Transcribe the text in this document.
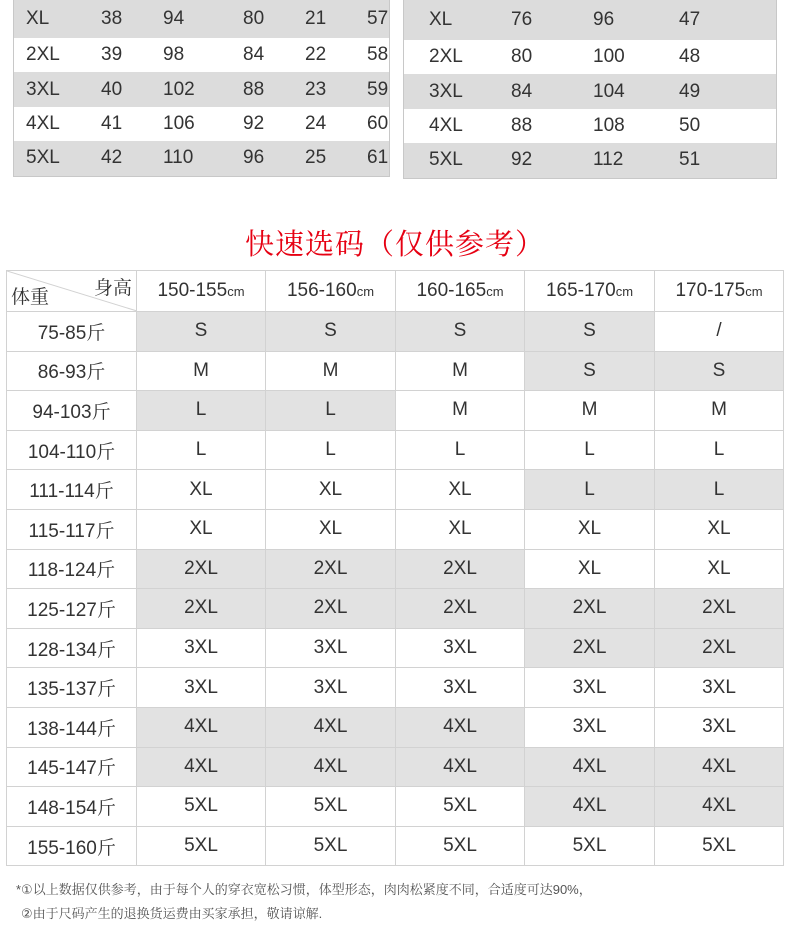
XL	38	94	80	21	57
2XL	39	98	84	22	58
3XL	40	102	88	23	59
4XL	41	106	92	24	60
5XL	42	110	96	25	61
XL	76	96	47
2XL	80	100	48
3XL	84	104	49
4XL	88	108	50
5XL	92	112	51
快速选码（仅供参考）
身高
体重	150-155cm	156-160cm	160-165cm	165-170cm	170-175cm
75-85斤	S	S	S	S	/
86-93斤	M	M	M	S	S
94-103斤	L	L	M	M	M
104-110斤	L	L	L	L	L
111-114斤	XL	XL	XL	L	L
115-117斤	XL	XL	XL	XL	XL
118-124斤	2XL	2XL	2XL	XL	XL
125-127斤	2XL	2XL	2XL	2XL	2XL
128-134斤	3XL	3XL	3XL	2XL	2XL
135-137斤	3XL	3XL	3XL	3XL	3XL
138-144斤	4XL	4XL	4XL	3XL	3XL
145-147斤	4XL	4XL	4XL	4XL	4XL
148-154斤	5XL	5XL	5XL	4XL	4XL
155-160斤	5XL	5XL	5XL	5XL	5XL
*①以上数据仅供参考，由于每个人的穿衣宽松习惯，体型形态，肉肉松紧度不同，合适度可达90%，
②由于尺码产生的退换货运费由买家承担，敬请谅解.
